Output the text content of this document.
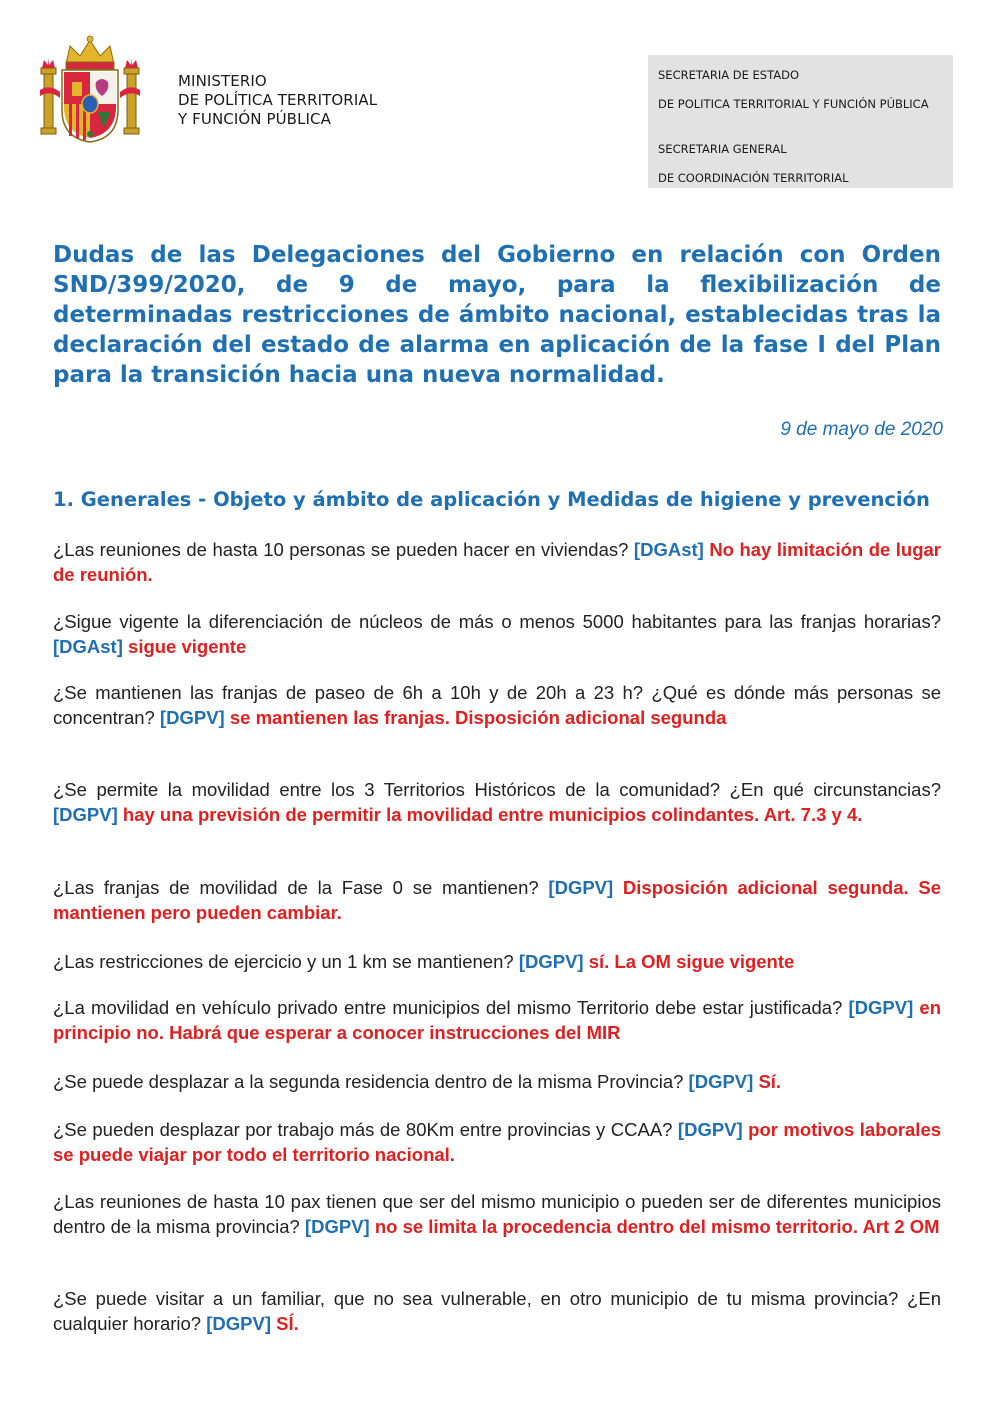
MINISTERIO
DE POLÍTICA TERRITORIAL
Y FUNCIÓN PÚBLICA
SECRETARIA DE ESTADO
DE POLITICA TERRITORIAL Y FUNCIÓN PÚBLICA
SECRETARIA GENERAL
DE COORDINACIÓN TERRITORIAL
Dudas de las Delegaciones del Gobierno en relación con Orden SND/399/2020, de 9 de mayo, para la flexibilización de determinadas restricciones de ámbito nacional, establecidas tras la declaración del estado de alarma en aplicación de la fase I del Plan para la transición hacia una nueva normalidad.
9 de mayo de 2020
1. Generales - Objeto y ámbito de aplicación y Medidas de higiene y prevención

¿Las reuniones de hasta 10 personas se pueden hacer en viviendas? [DGAst] No hay limitación de lugar de reunión.

¿Sigue vigente la diferenciación de núcleos de más o menos 5000 habitantes para las franjas horarias? [DGAst] sigue vigente

¿Se mantienen las franjas de paseo de 6h a 10h y de 20h a 23 h? ¿Qué es dónde más personas se concentran? [DGPV] se mantienen las franjas. Disposición adicional segunda

¿Se permite la movilidad entre los 3 Territorios Históricos de la comunidad? ¿En qué circunstancias? [DGPV] hay una previsión de permitir la movilidad entre municipios colindantes. Art. 7.3 y 4.

¿Las franjas de movilidad de la Fase 0 se mantienen? [DGPV] Disposición adicional segunda. Se mantienen pero pueden cambiar.

¿Las restricciones de ejercicio y un 1 km se mantienen? [DGPV] sí. La OM sigue vigente

¿La movilidad en vehículo privado entre municipios del mismo Territorio debe estar justificada? [DGPV] en principio no. Habrá que esperar a conocer instrucciones del MIR

¿Se puede desplazar a la segunda residencia dentro de la misma Provincia? [DGPV] Sí.

¿Se pueden desplazar por trabajo más de 80Km entre provincias y CCAA? [DGPV] por motivos laborales se puede viajar por todo el territorio nacional.

¿Las reuniones de hasta 10 pax tienen que ser del mismo municipio o pueden ser de diferentes municipios dentro de la misma provincia? [DGPV] no se limita la procedencia dentro del mismo territorio. Art 2 OM

¿Se puede visitar a un familiar, que no sea vulnerable, en otro municipio de tu misma provincia? ¿En cualquier horario? [DGPV] SÍ.
